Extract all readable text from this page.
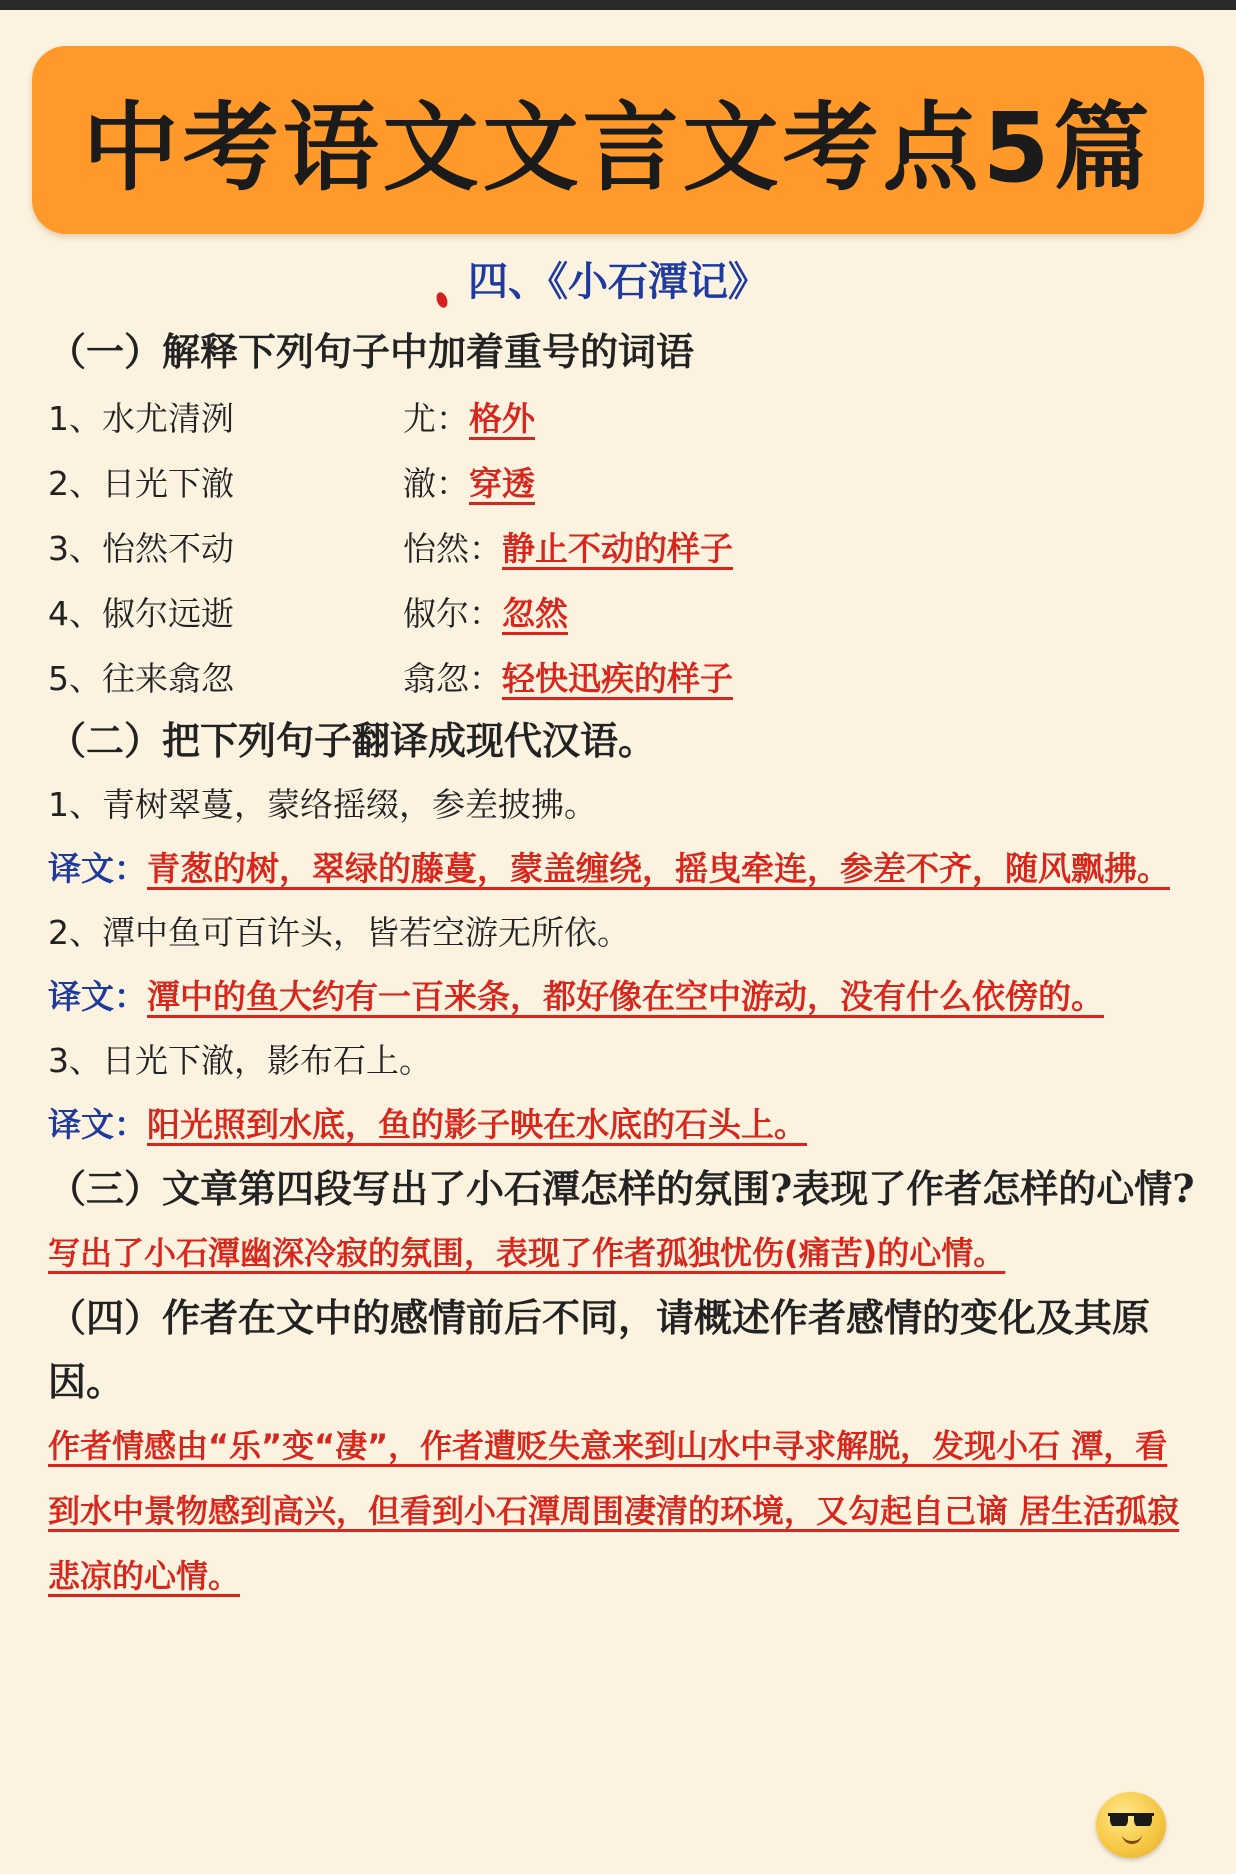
中考语文文言文考点5篇
四、《小石潭记》

（一）解释下列句子中加着重号的词语

1、水尤清洌	尤： 格外
2、日光下澈	澈： 穿透
3、怡然不动	怡然： 静止不动的样子
4、俶尔远逝	俶尔： 忽然
5、往来翕忽	翕忽： 轻快迅疾的样子

（二）把下列句子翻译成现代汉语。

1、青树翠蔓，蒙络摇缀，参差披拂。

译文：青葱的树，翠绿的藤蔓，蒙盖缠绕，摇曳牵连，参差不齐，随风飘拂。

2、潭中鱼可百许头，皆若空游无所依。

译文：潭中的鱼大约有一百来条，都好像在空中游动，没有什么依傍的。

3、日光下澈，影布石上。

译文：阳光照到水底，鱼的影子映在水底的石头上。

（三）文章第四段写出了小石潭怎样的氛围?表现了作者怎样的心情?

写出了小石潭幽深冷寂的氛围，表现了作者孤独忧伤(痛苦)的心情。

（四）作者在文中的感情前后不同，请概述作者感情的变化及其原因。

作者情感由“乐”变“凄”，作者遭贬失意来到山水中寻求解脱，发现小石 潭，看到水中景物感到高兴，但看到小石潭周围凄清的环境，又勾起自己谪 居生活孤寂悲凉的心情。
